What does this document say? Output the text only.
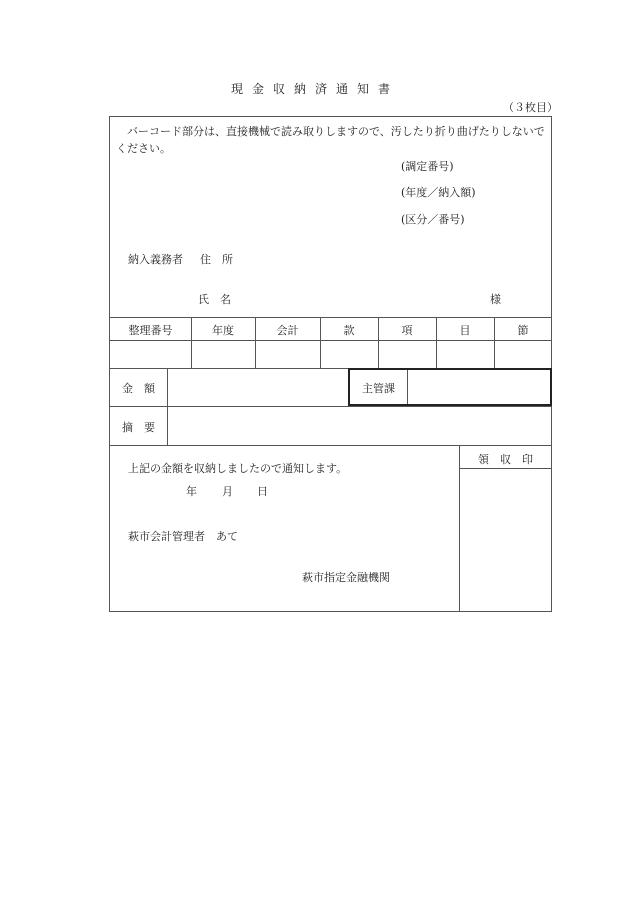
現金収納済通知書
（３枚目）
バーコード部分は、直接機械で読み取りしますので、汚したり折り曲げたりしないでください。
(調定番号)
(年度／納入額)
(区分／番号)
納入義務者 住　所
氏　名	様
整理番号	年度	会計	款	項	目	節
金　額	主管課
摘　要
領　収　印
上記の金額を収納しましたので通知します。
年 月 日
萩市会計管理者　あて
萩市指定金融機関
